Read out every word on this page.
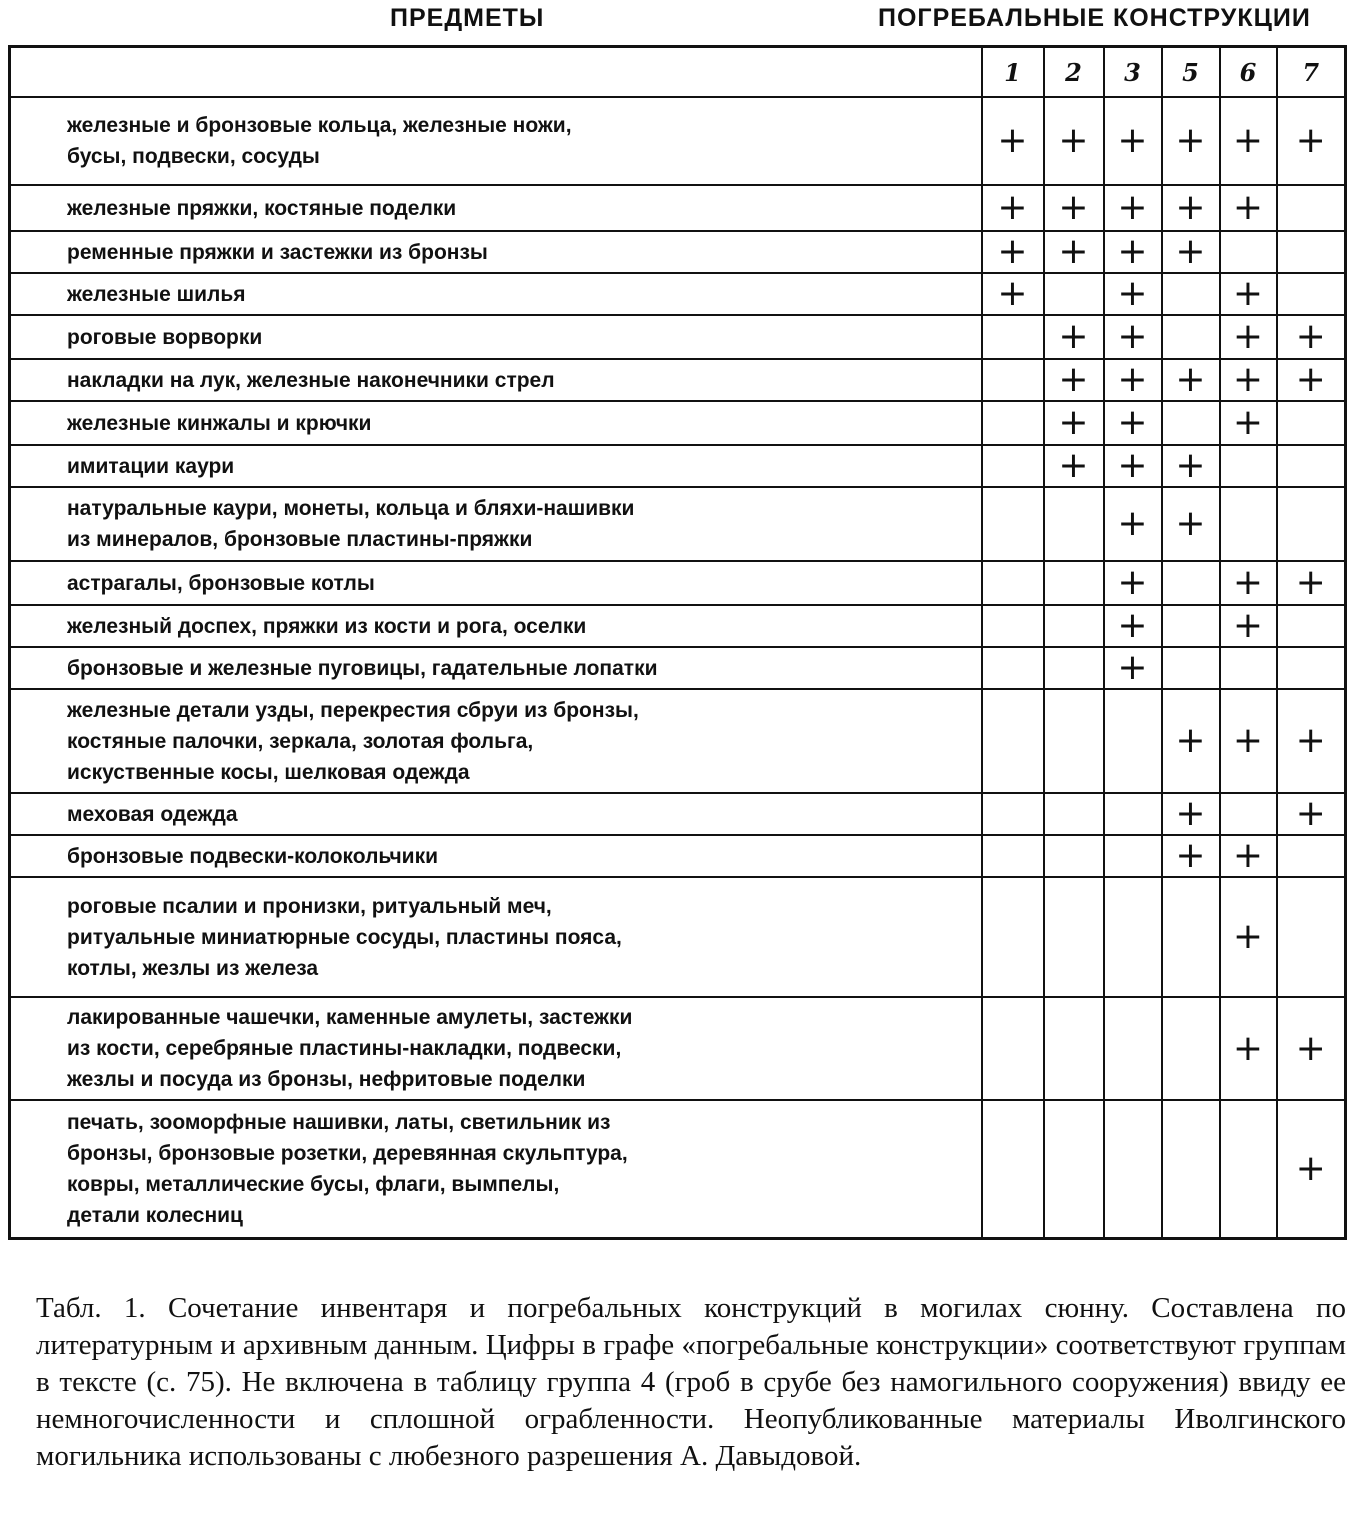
ПРЕДМЕТЫ	ПОГРЕБАЛЬНЫЕ КОНСТРУКЦИИ
	1	2	3	5	6	7
железные и бронзовые кольца, железные ножи,
бусы, подвески, сосуды	+	+	+	+	+	+
железные пряжки, костяные поделки	+	+	+	+	+	
ременные пряжки и застежки из бронзы	+	+	+	+		
железные шилья	+		+		+	
роговые ворворки		+	+		+	+
накладки на лук, железные наконечники стрел		+	+	+	+	+
железные кинжалы и крючки		+	+		+	
имитации каури		+	+	+		
натуральные каури, монеты, кольца и бляхи-нашивки
из минералов, бронзовые пластины-пряжки			+	+		
астрагалы, бронзовые котлы			+		+	+
железный доспех, пряжки из кости и рога, оселки			+		+	
бронзовые и железные пуговицы, гадательные лопатки			+			
железные детали узды, перекрестия сбруи из бронзы,
костяные палочки, зеркала, золотая фольга,
искуственные косы, шелковая одежда				+	+	+
меховая одежда				+		+
бронзовые подвески-колокольчики				+	+	
роговые псалии и пронизки, ритуальный меч,
ритуальные миниатюрные сосуды, пластины пояса,
котлы, жезлы из железа					+	
лакированные чашечки, каменные амулеты, застежки
из кости, серебряные пластины-накладки, подвески,
жезлы и посуда из бронзы, нефритовые поделки					+	+
печать, зооморфные нашивки, латы, светильник из
бронзы, бронзовые розетки, деревянная скульптура,
ковры, металлические бусы, флаги, вымпелы,
детали колесниц						+
Табл. 1. Сочетание инвентаря и погребальных конструкций в могилах сюнну. Составлена по литературным и архивным данным. Цифры в графе «погребальные конструкции» соответствуют группам в тексте (с. 75). Не включена в таблицу группа 4 (гроб в срубе без намогильного сооружения) ввиду ее немногочисленности и сплошной ограбленности. Неопубликованные материалы Иволгинского могильника использованы с любезного разрешения А. Давыдовой.
